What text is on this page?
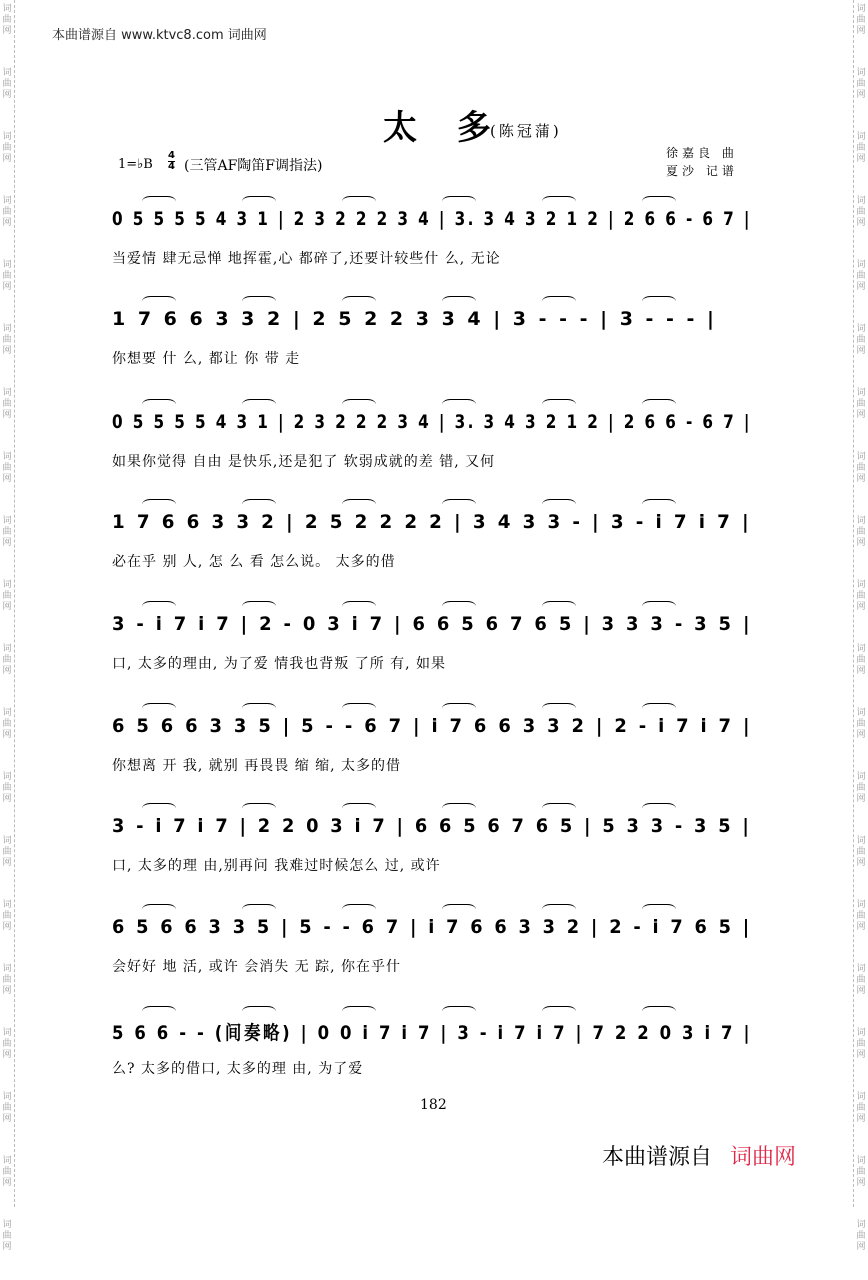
词
曲
网
词
曲
网
词
曲
网
词
曲
网
词
曲
网
词
曲
网
词
曲
网
词
曲
网
词
曲
网
词
曲
网
词
曲
网
词
曲
网
词
曲
网
词
曲
网
词
曲
网
词
曲
网
词
曲
网
词
曲
网
词
曲
网
词
曲
网
词
曲
网
词
曲
网
词
曲
网
词
曲
网
词
曲
网
词
曲
网
词
曲
网
词
曲
网
词
曲
网
词
曲
网
词
曲
网
词
曲
网
词
曲
网
词
曲
网
词
曲
网
词
曲
网
词
曲
网
词
曲
网
词
曲
网
词
曲
网
本曲谱源自 www.ktvc8.com 词曲网
太 多
(陈冠蒲)
徐嘉良 曲
夏沙 记谱
1=♭B $\frac{4}{4}$ (三管AF陶笛F调指法)
0 5 5 5 5 4 3 1 | 2 3 2 2 2 3 4 | 3. 3 4 3 2 1 2 | 2 6 6 - 6 7 |
当爱情 肆无忌惮 地挥霍,心 都碎了,还要计较些什 么, 无论
1 7 6 6 3 3 2 | 2 5 2 2 3 3 4 | 3 - - - | 3 - - - |
你想要 什 么, 都让 你 带 走
0 5 5 5 5 4 3 1 | 2 3 2 2 2 3 4 | 3. 3 4 3 2 1 2 | 2 6 6 - 6 7 |
如果你觉得 自由 是快乐,还是犯了 软弱成就的差 错, 又何
1 7 6 6 3 3 2 | 2 5 2 2 2 2 | 3 4 3 3 - | 3 - i 7 i 7 |
必在乎 别 人, 怎 么 看 怎么说。 太多的借
3 - i 7 i 7 | 2 - 0 3 i 7 | 6 6 5 6 7 6 5 | 3 3 3 - 3 5 |
口, 太多的理由, 为了爱 情我也背叛 了所 有, 如果
6 5 6 6 3 3 5 | 5 - - 6 7 | i 7 6 6 3 3 2 | 2 - i 7 i 7 |
你想离 开 我, 就别 再畏畏 缩 缩, 太多的借
3 - i 7 i 7 | 2 2 0 3 i 7 | 6 6 5 6 7 6 5 | 5 3 3 - 3 5 |
口, 太多的理 由,别再问 我难过时候怎么 过, 或许
6 5 6 6 3 3 5 | 5 - - 6 7 | i 7 6 6 3 3 2 | 2 - i 7 6 5 |
会好好 地 活, 或许 会消失 无 踪, 你在乎什
5 6 6 - - (间奏略) | 0 0 i 7 i 7 | 3 - i 7 i 7 | 7 2 2 0 3 i 7 |
么? 太多的借口, 太多的理 由, 为了爱
182
本曲谱源自 词曲网
